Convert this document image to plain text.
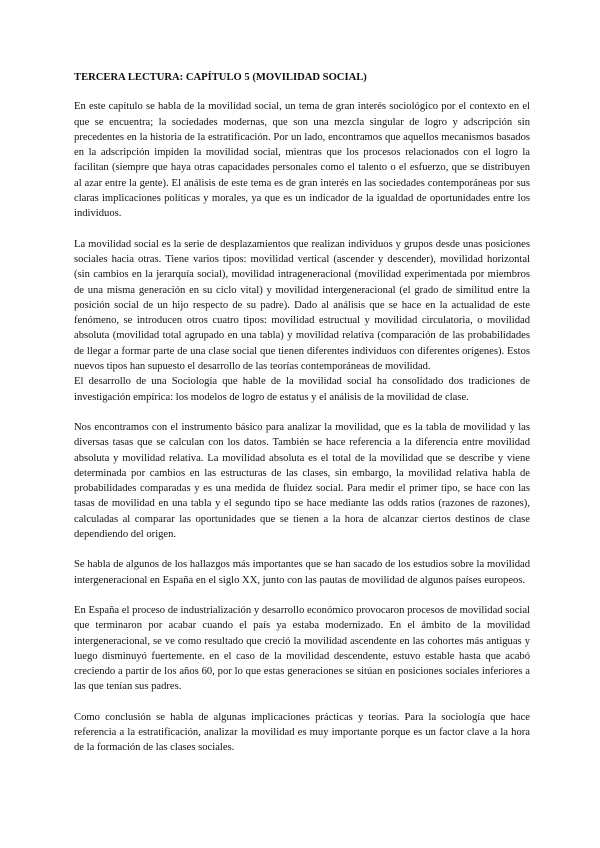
TERCERA LECTURA: CAPÍTULO 5 (MOVILIDAD SOCIAL)

En este capítulo se habla de la movilidad social, un tema de gran interés sociológico por el contexto en el que se encuentra; la sociedades modernas, que son una mezcla singular de logro y adscripción sin precedentes en la historia de la estratificación. Por un lado, encontramos que aquellos mecanismos basados en la adscripción impiden la movilidad social, mientras que los procesos relacionados con el logro la facilitan (siempre que haya otras capacidades personales como el talento o el esfuerzo, que se distribuyen al azar entre la gente). El análisis de este tema es de gran interés en las sociedades contemporáneas por sus claras implicaciones políticas y morales, ya que es un indicador de la igualdad de oportunidades entre los individuos.

La movilidad social es la serie de desplazamientos que realizan individuos y grupos desde unas posiciones sociales hacia otras. Tiene varios tipos: movilidad vertical (ascender y descender), movilidad horizontal (sin cambios en la jerarquía social), movilidad intrageneracional (movilidad experimentada por miembros de una misma generación en su ciclo vital) y movilidad intergeneracional (el grado de similitud entre la posición social de un hijo respecto de su padre). Dado al análisis que se hace en la actualidad de este fenómeno, se introducen otros cuatro tipos: movilidad estructual y movilidad circulatoria, o movilidad absoluta (movilidad total agrupado en una tabla) y movilidad relativa (comparación de las probabilidades de llegar a formar parte de una clase social que tienen diferentes individuos con diferentes orígenes). Estos nuevos tipos han supuesto el desarrollo de las teorías contemporáneas de movilidad.

El desarrollo de una Sociología que hable de la movilidad social ha consolidado dos tradiciones de investigación empírica: los modelos de logro de estatus y el análisis de la movilidad de clase.

Nos encontramos con el instrumento básico para analizar la movilidad, que es la tabla de movilidad y las diversas tasas que se calculan con los datos. También se hace referencia a la diferencia entre movilidad absoluta y movilidad relativa. La movilidad absoluta es el total de la movilidad que se describe y viene determinada por cambios en las estructuras de las clases, sin embargo, la movilidad relativa habla de probabilidades comparadas y es una medida de fluidez social. Para medir el primer tipo, se hace con las tasas de movilidad en una tabla y el segundo tipo se hace mediante las odds ratios (razones de razones), calculadas al comparar las oportunidades que se tienen a la hora de alcanzar ciertos destinos de clase dependiendo del origen.

Se habla de algunos de los hallazgos más importantes que se han sacado de los estudios sobre la movilidad intergeneracional en España en el siglo XX, junto con las pautas de movilidad de algunos países europeos.

En España el proceso de industrialización y desarrollo económico provocaron procesos de movilidad social que terminaron por acabar cuando el país ya estaba modernizado. En el ámbito de la movilidad intergeneracional, se ve como resultado que creció la movilidad ascendente en las cohortes más antiguas y luego disminuyó fuertemente. en el caso de la movilidad descendente, estuvo estable hasta que acabó creciendo a partir de los años 60, por lo que estas generaciones se sitúan en posiciones sociales inferiores a las que tenían sus padres.

Como conclusión se habla de algunas implicaciones prácticas y teorías. Para la sociología que hace referencia a la estratificación, analizar la movilidad es muy importante porque es un factor clave a la hora de la formación de las clases sociales.
